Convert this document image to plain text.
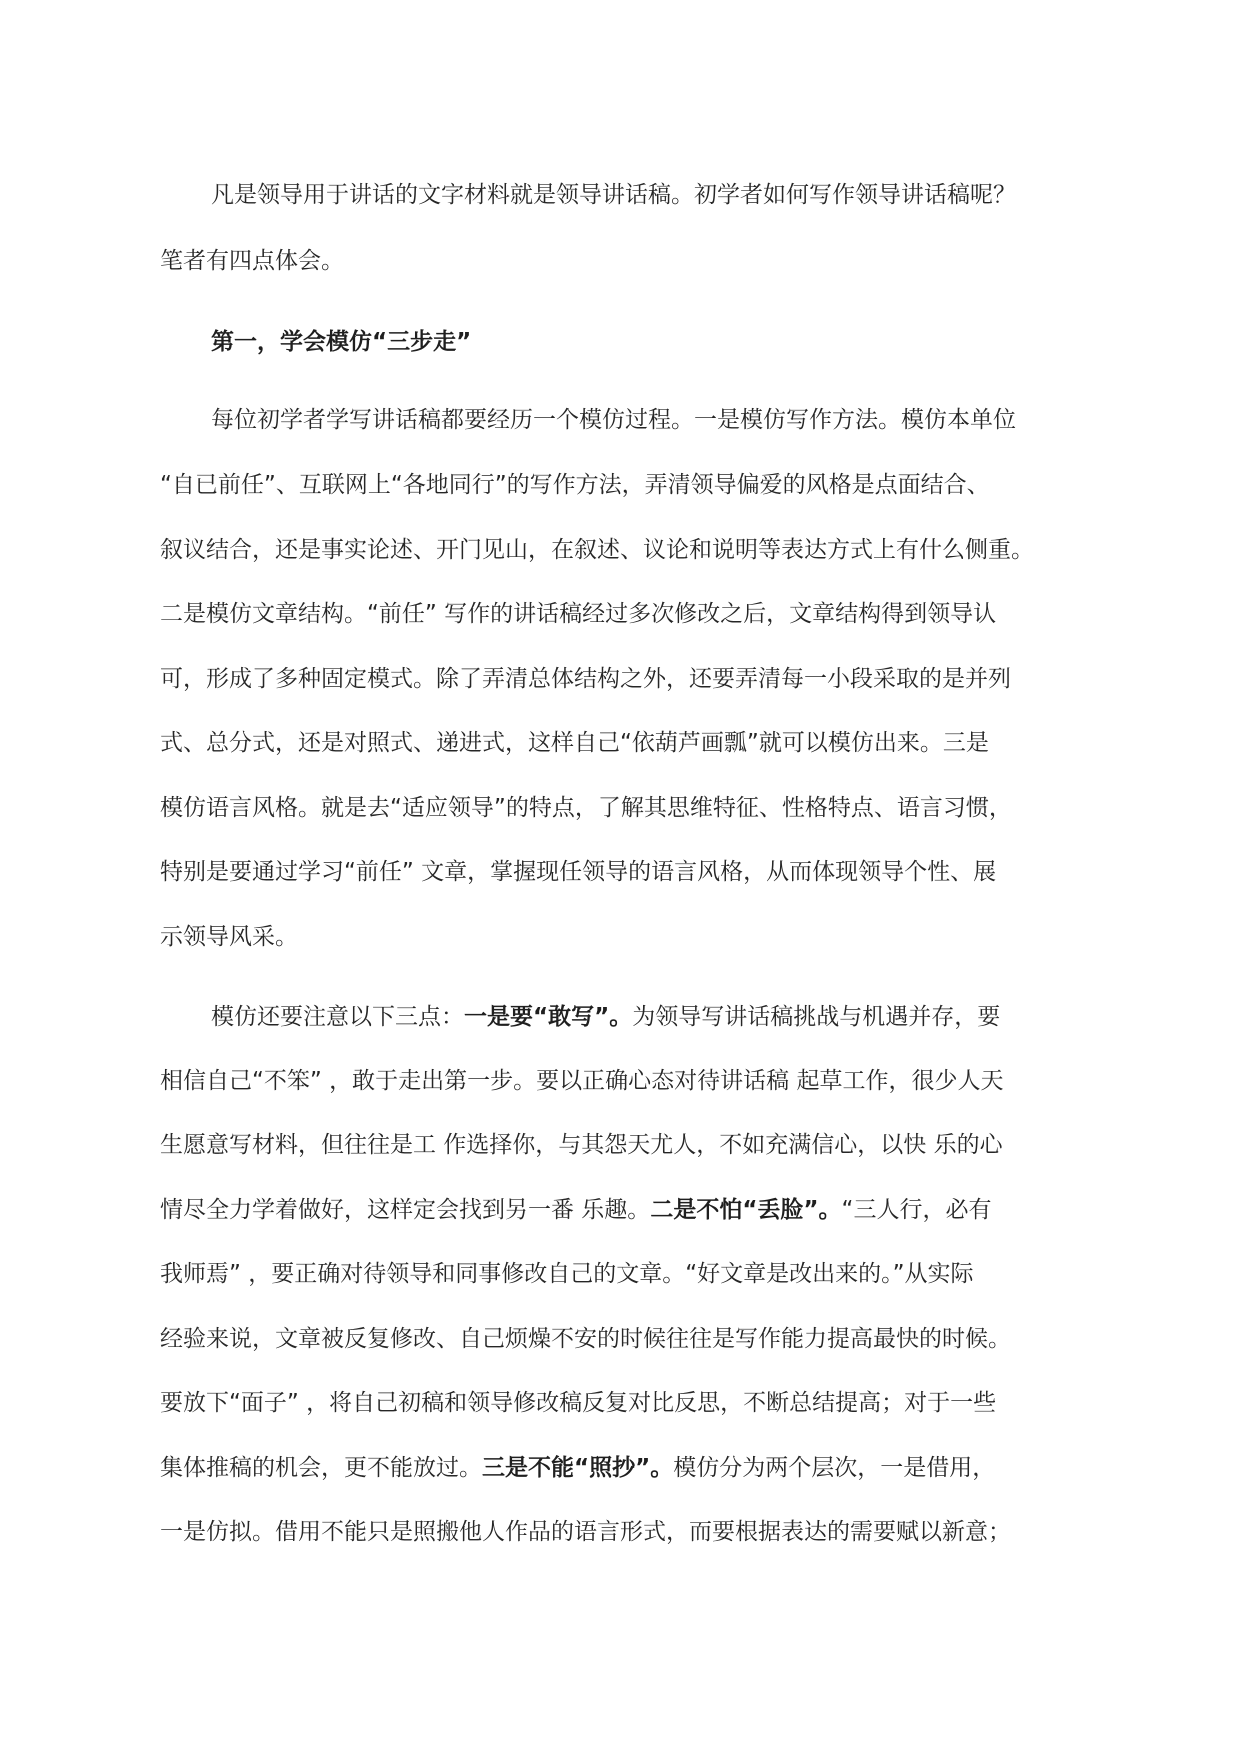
凡是领导用于讲话的文字材料就是领导讲话稿。初学者如何写作领导讲话稿呢？
笔者有四点体会。
第一，学会模仿“三步走”
每位初学者学写讲话稿都要经历一个模仿过程。一是模仿写作方法。模仿本单位
“自已前任”、互联网上“各地同行”的写作方法，弄清领导偏爱的风格是点面结合、
叙议结合，还是事实论述、开门见山，在叙述、议论和说明等表达方式上有什么侧重。
二是模仿文章结构。“前任” 写作的讲话稿经过多次修改之后，文章结构得到领导认
可，形成了多种固定模式。除了弄清总体结构之外，还要弄清每一小段采取的是并列
式、总分式，还是对照式、递进式，这样自己“依葫芦画瓢”就可以模仿出来。三是
模仿语言风格。就是去“适应领导”的特点，了解其思维特征、性格特点、语言习惯，
特别是要通过学习“前任” 文章，掌握现任领导的语言风格，从而体现领导个性、展
示领导风采。
模仿还要注意以下三点：一是要“敢写”。为领导写讲话稿挑战与机遇并存，要
相信自己“不笨” ，敢于走出第一步。要以正确心态对待讲话稿 起草工作，很少人天
生愿意写材料，但往往是工 作选择你，与其怨天尤人，不如充满信心，以快 乐的心
情尽全力学着做好，这样定会找到另一番 乐趣。二是不怕“丢脸”。“三人行，必有
我师焉” ，要正确对待领导和同事修改自己的文章。“好文章是改出来的。”从实际
经验来说，文章被反复修改、自己烦燥不安的时候往往是写作能力提高最快的时候。
要放下“面子” ，将自己初稿和领导修改稿反复对比反思，不断总结提高；对于一些
集体推稿的机会，更不能放过。三是不能“照抄”。模仿分为两个层次，一是借用，
一是仿拟。借用不能只是照搬他人作品的语言形式，而要根据表达的需要赋以新意；
